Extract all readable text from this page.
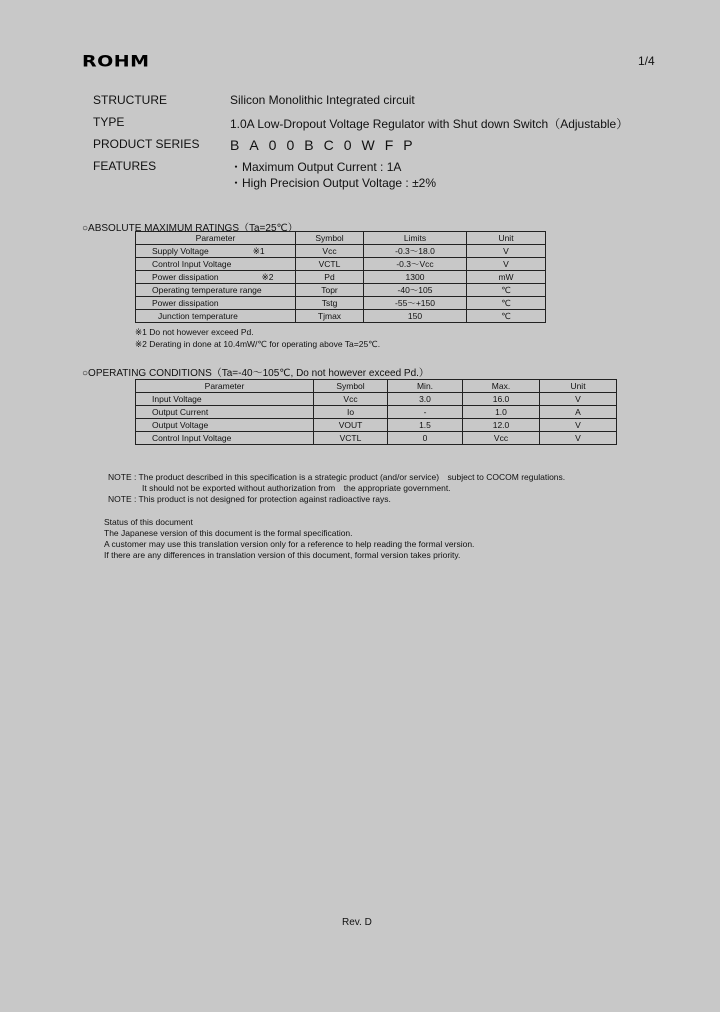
ROHM	1/4
STRUCTURE	Silicon Monolithic Integrated circuit
TYPE	1.0A Low-Dropout Voltage Regulator with Shut down Switch（Adjustable）
PRODUCT SERIES BA00BC0WFP
FEATURES	・Maximum Output Current : 1A
・High Precision Output Voltage : ±2%
○ABSOLUTE MAXIMUM RATINGS（Ta=25℃）
Parameter	Symbol	Limits	Unit
Supply Voltage ※1	Vcc	-0.3～18.0	V
Control Input Voltage	VCTL	-0.3～Vcc	V
Power dissipation ※2	Pd	1300	mW
Operating temperature range	Topr	-40～105	℃
Power dissipation	Tstg	-55～+150	℃
Junction temperature	Tjmax	150	℃
※1 Do not however exceed Pd.
※2 Derating in done at 10.4mW/℃ for operating above Ta=25℃.
○OPERATING CONDITIONS（Ta=-40～105℃, Do not however exceed Pd.）
Parameter	Symbol	Min.	Max.	Unit
Input Voltage	Vcc	3.0	16.0	V
Output Current	Io	-	1.0	A
Output Voltage	VOUT	1.5	12.0	V
Control Input Voltage	VCTL	0	Vcc	V
NOTE : The product described in this specification is a strategic product (and/or service)　subject to COCOM regulations.
　　　　It should not be exported without authorization from　the appropriate government.
NOTE : This product is not designed for protection against radioactive rays.
Status of this document
The Japanese version of this document is the formal specification.
A customer may use this translation version only for a reference to help reading the formal version.
If there are any differences in translation version of this document, formal version takes priority.
Rev. D
